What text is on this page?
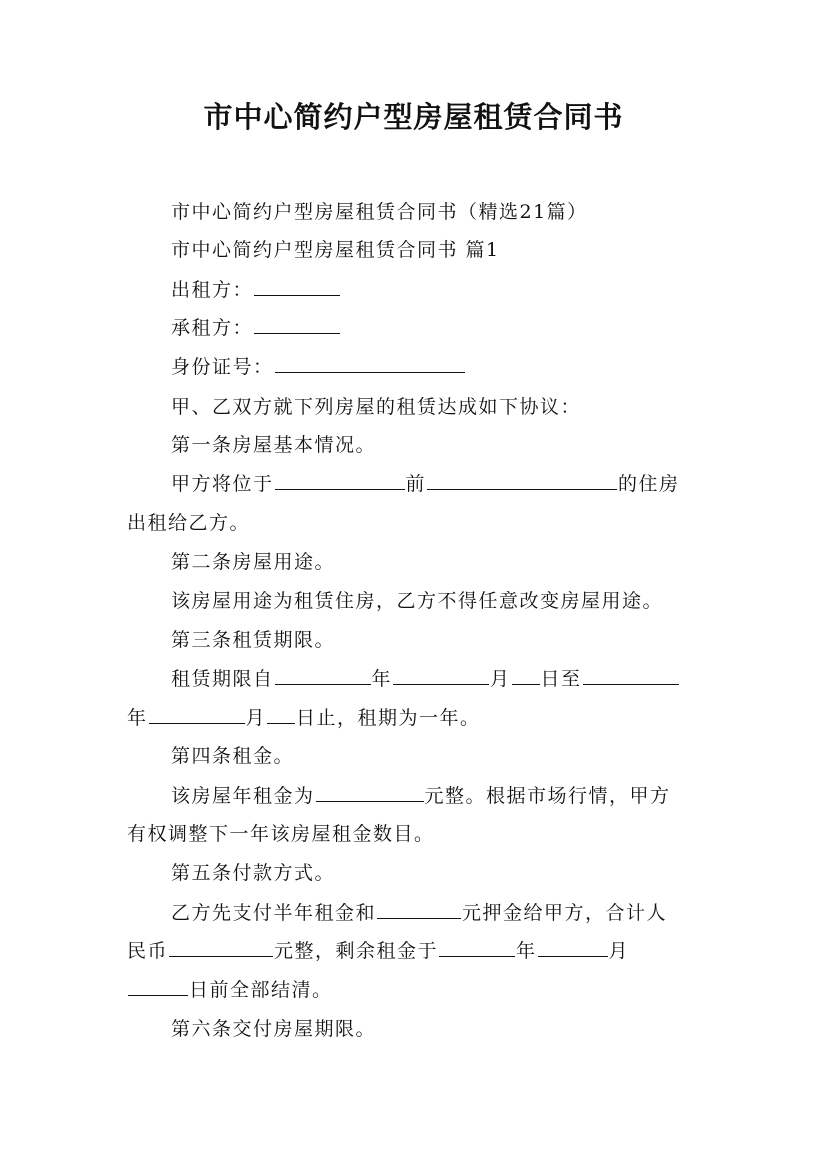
市中心简约户型房屋租赁合同书
市中心简约户型房屋租赁合同书（精选21篇）
市中心简约户型房屋租赁合同书 篇1
出租方：
承租方：
身份证号：
甲、乙双方就下列房屋的租赁达成如下协议：
第一条房屋基本情况。
甲方将位于	前	的住房
出租给乙方。
第二条房屋用途。
该房屋用途为租赁住房，乙方不得任意改变房屋用途。
第三条租赁期限。
租赁期限自	年	月 日至
年	月 日止，租期为一年。
第四条租金。
该房屋年租金为	元整。根据市场行情，甲方
有权调整下一年该房屋租金数目。
第五条付款方式。
乙方先支付半年租金和	元押金给甲方，合计人
民币	元整，剩余租金于	年	月
日前全部结清。
第六条交付房屋期限。
